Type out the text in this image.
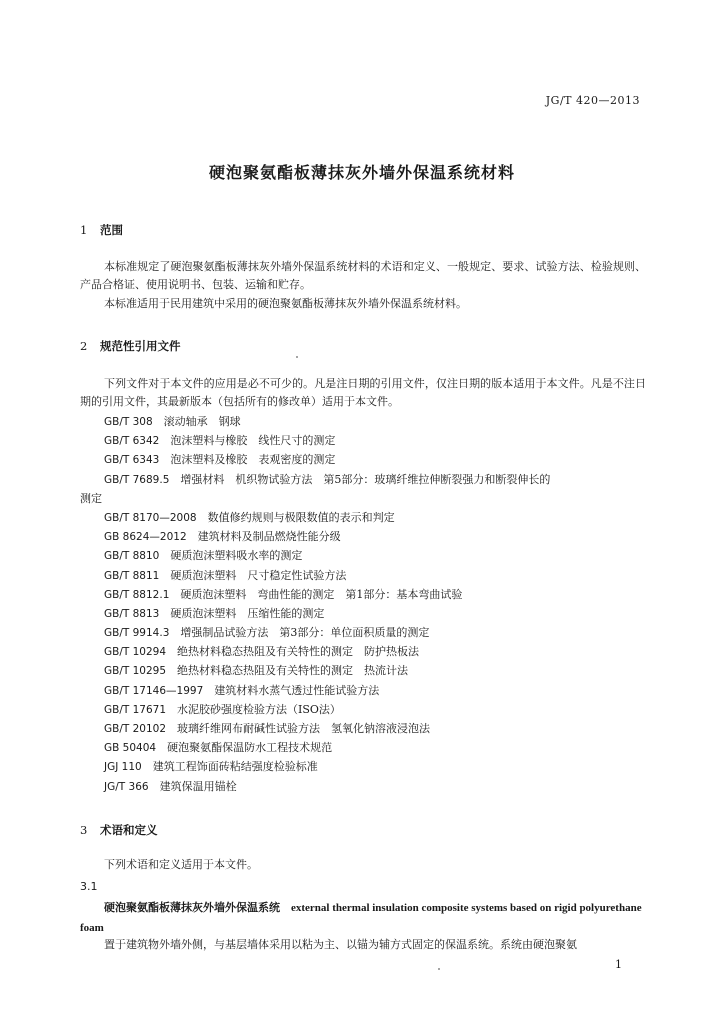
JG/T 420—2013
硬泡聚氨酯板薄抹灰外墙外保温系统材料
1 范围
本标准规定了硬泡聚氨酯板薄抹灰外墙外保温系统材料的术语和定义、一般规定、要求、试验方法、检验规则、产品合格证、使用说明书、包装、运输和贮存。
本标准适用于民用建筑中采用的硬泡聚氨酯板薄抹灰外墙外保温系统材料。
2 规范性引用文件
下列文件对于本文件的应用是必不可少的。凡是注日期的引用文件，仅注日期的版本适用于本文件。凡是不注日期的引用文件，其最新版本（包括所有的修改单）适用于本文件。
GB/T 308　 滚动轴承　钢球
GB/T 6342　 泡沫塑料与橡胶　线性尺寸的测定
GB/T 6343　 泡沫塑料及橡胶　表观密度的测定
GB/T 7689.5　 增强材料　机织物试验方法　第5部分：玻璃纤维拉伸断裂强力和断裂伸长的
GB/T 8170—2008　 数值修约规则与极限数值的表示和判定
GB 8624—2012　 建筑材料及制品燃烧性能分级
GB/T 8810　 硬质泡沫塑料吸水率的测定
GB/T 8811　 硬质泡沫塑料　尺寸稳定性试验方法
GB/T 8812.1　 硬质泡沫塑料　弯曲性能的测定　第1部分：基本弯曲试验
GB/T 8813　 硬质泡沫塑料　压缩性能的测定
GB/T 9914.3　 增强制品试验方法　第3部分：单位面积质量的测定
GB/T 10294　 绝热材料稳态热阻及有关特性的测定　防护热板法
GB/T 10295　 绝热材料稳态热阻及有关特性的测定　热流计法
GB/T 17146—1997　 建筑材料水蒸气透过性能试验方法
GB/T 17671　 水泥胶砂强度检验方法（ISO法）
GB/T 20102　 玻璃纤维网布耐碱性试验方法　氢氧化钠溶液浸泡法
GB 50404　 硬泡聚氨酯保温防水工程技术规范
JGJ 110　 建筑工程饰面砖粘结强度检验标准
JG/T 366　 建筑保温用锚栓
测定
3 术语和定义
下列术语和定义适用于本文件。
3.1
硬泡聚氨酯板薄抹灰外墙外保温系统　 external thermal insulation composite systems based on rigid polyurethane foam
置于建筑物外墙外侧，与基层墙体采用以粘为主、以锚为辅方式固定的保温系统。系统由硬泡聚氨
1
